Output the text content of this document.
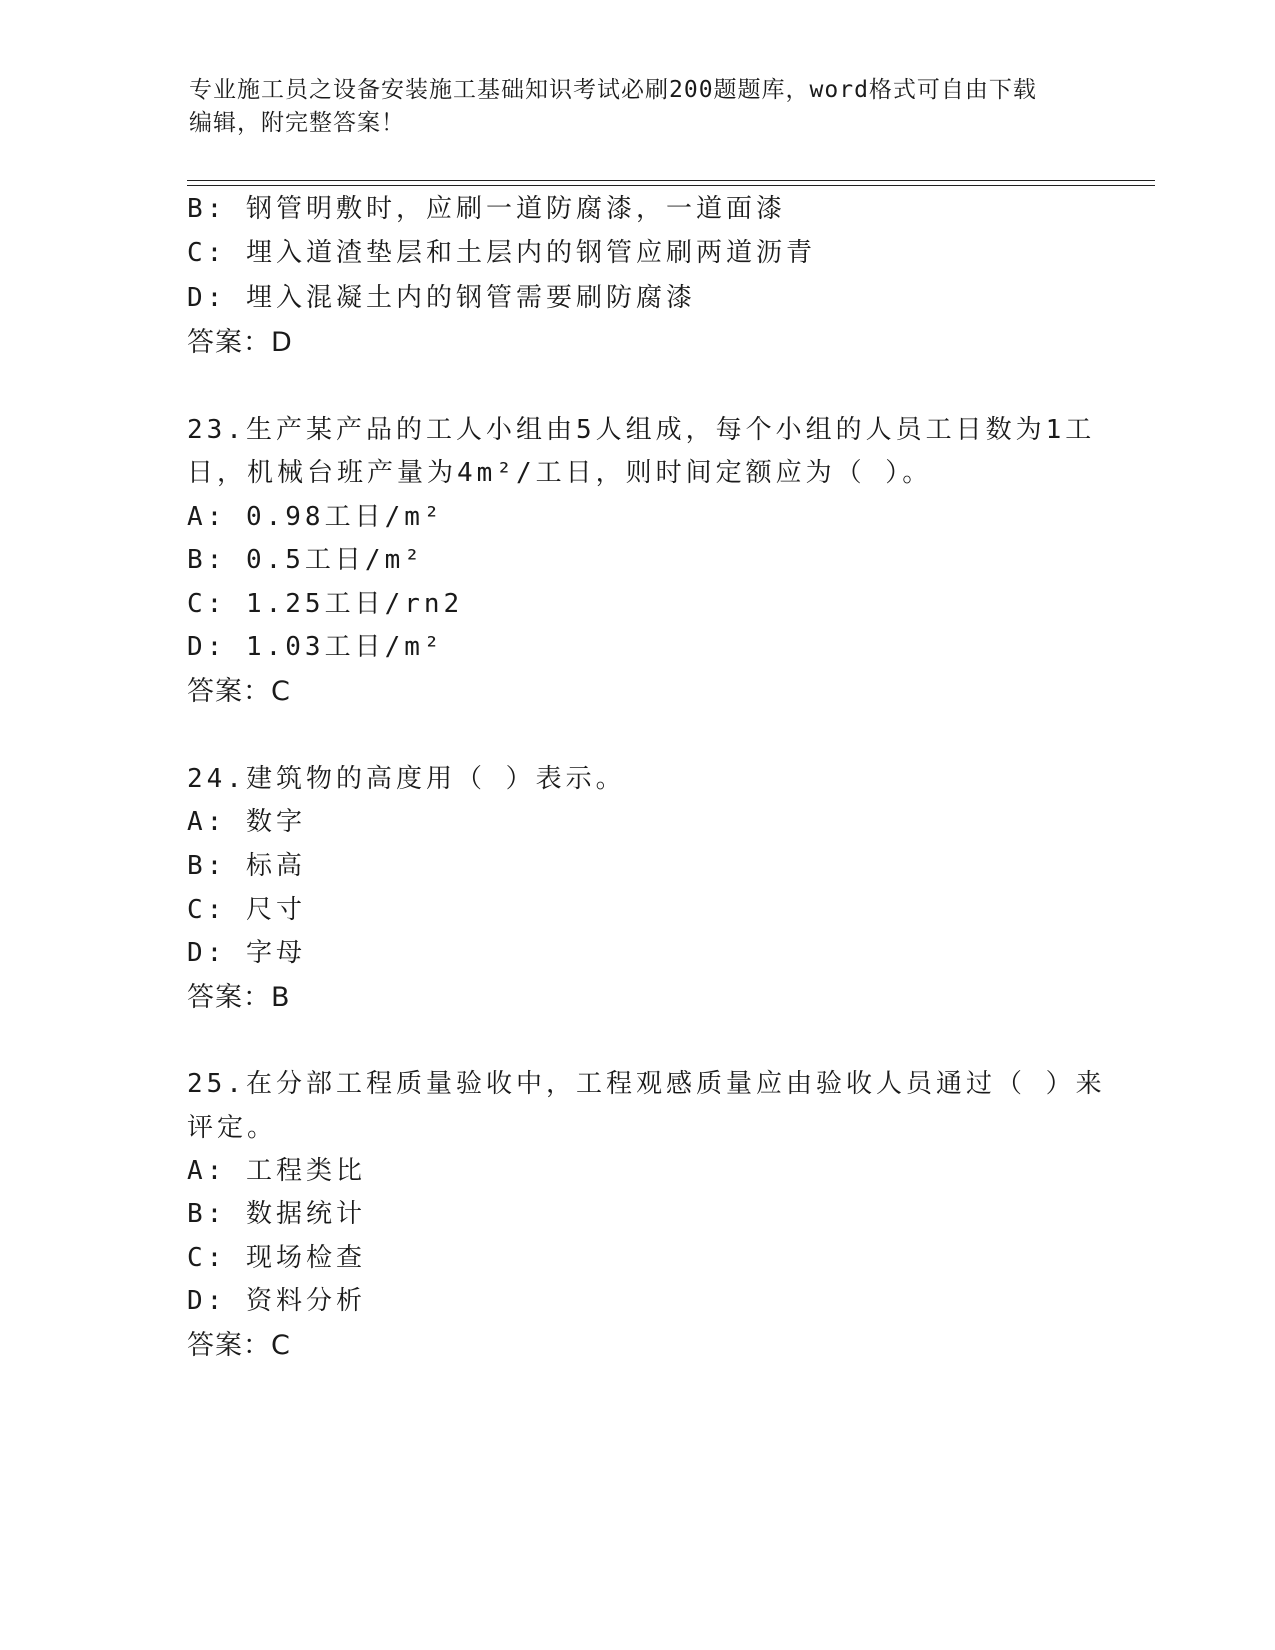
专业施工员之设备安装施工基础知识考试必刷200题题库，word格式可自由下载
编辑，附完整答案！
B: 钢管明敷时，应刷一道防腐漆，一道面漆
C: 埋入道渣垫层和土层内的钢管应刷两道沥青
D: 埋入混凝土内的钢管需要刷防腐漆
答案：D
23.生产某产品的工人小组由5人组成，每个小组的人员工日数为1工
日，机械台班产量为4m²/工日，则时间定额应为（ ）。
A: 0.98工日/m²
B: 0.5工日/m²
C: 1.25工日/rn2
D: 1.03工日/m²
答案：C
24.建筑物的高度用（ ）表示。
A: 数字
B: 标高
C: 尺寸
D: 字母
答案：B
25.在分部工程质量验收中，工程观感质量应由验收人员通过（ ）来
评定。
A: 工程类比
B: 数据统计
C: 现场检查
D: 资料分析
答案：C
